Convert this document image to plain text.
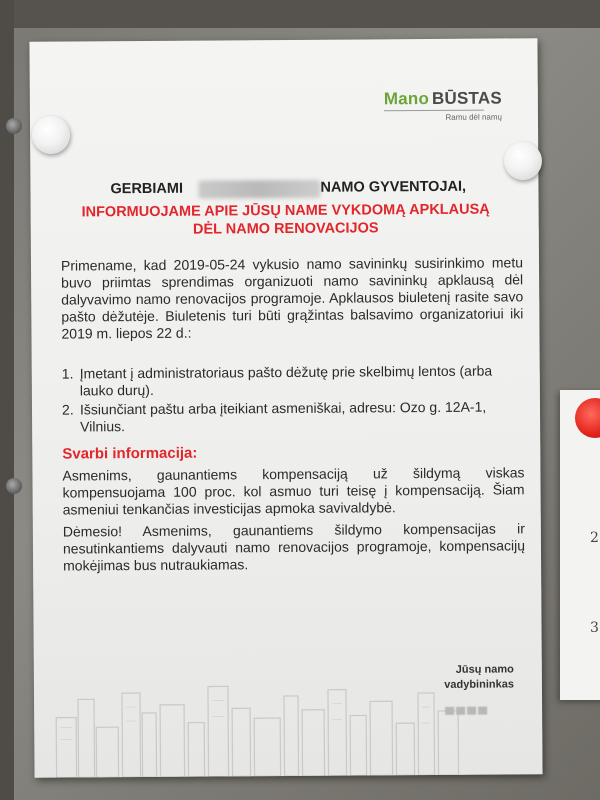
2
3
Mano BŪSTAS
Ramu dėl namų
GERBIAMI	NAMO GYVENTOJAI,
INFORMUOJAME APIE JŪSŲ NAME VYKDOMĄ APKLAUSĄ DĖL NAMO RENOVACIJOS
Primename, kad 2019-05-24 vykusio namo savininkų susirinkimo metu buvo priimtas sprendimas organizuoti namo savininkų apklausą dėl dalyvavimo namo renovacijos programoje. Apklausos biuletenį rasite savo pašto dėžutėje. Biuletenis turi būti grąžintas balsavimo organizatoriui iki 2019 m. liepos 22 d.:
1. Įmetant į administratoriaus pašto dėžutę prie skelbimų lentos (arba lauko durų).
2. Išsiunčiant paštu arba įteikiant asmeniškai, adresu: Ozo g. 12A-1, Vilnius.
Svarbi informacija:
Asmenims, gaunantiems kompensaciją už šildymą viskas kompensuojama 100 proc. kol asmuo turi teisę į kompensaciją. Šiam asmeniui tenkančias investicijas apmoka savivaldybė.
Dėmesio! Asmenims, gaunantiems šildymo kompensacijas ir nesutinkantiems dalyvauti namo renovacijos programoje, kompensacijų mokėjimas bus nutraukiamas.
Jūsų namo
vadybininkas
